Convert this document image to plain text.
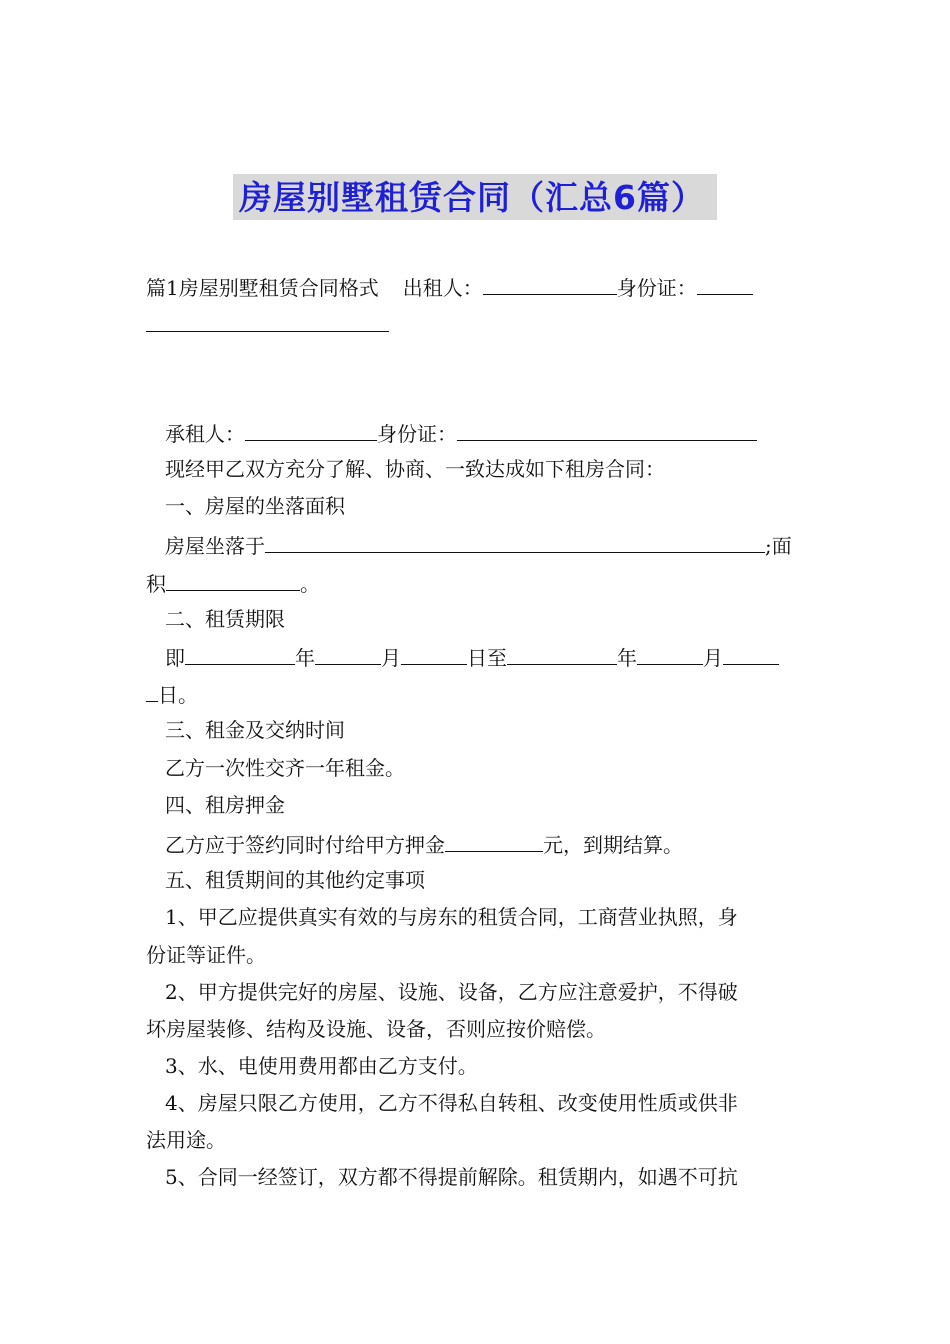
房屋别墅租赁合同（汇总6篇）
篇1房屋别墅租赁合同格式 出租人：	身份证：
承租人：	身份证：
现经甲乙双方充分了解、协商、一致达成如下租房合同：
一、房屋的坐落面积
房屋坐落于	;面
积	。
二、租赁期限
即	年	月	日至	年	月
日。
三、租金及交纳时间
乙方一次性交齐一年租金。
四、租房押金
乙方应于签约同时付给甲方押金	元，到期结算。
五、租赁期间的其他约定事项
1、甲乙应提供真实有效的与房东的租赁合同，工商营业执照，身
份证等证件。
2、甲方提供完好的房屋、设施、设备，乙方应注意爱护，不得破
坏房屋装修、结构及设施、设备，否则应按价赔偿。
3、水、电使用费用都由乙方支付。
4、房屋只限乙方使用，乙方不得私自转租、改变使用性质或供非
法用途。
5、合同一经签订，双方都不得提前解除。租赁期内，如遇不可抗
